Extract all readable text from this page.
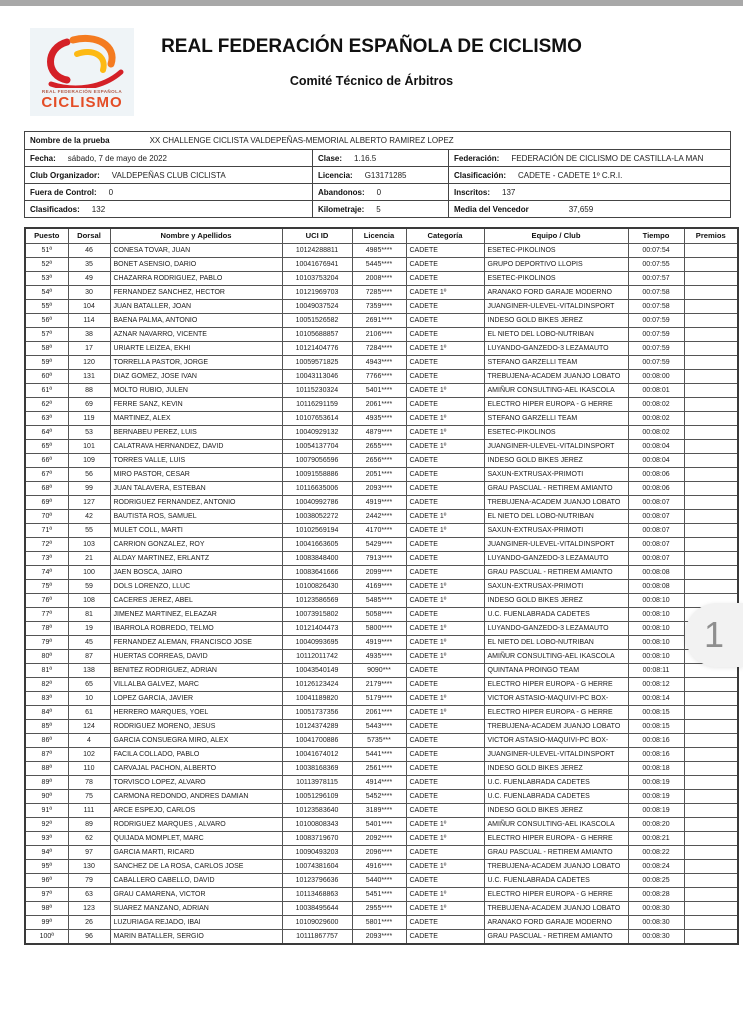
REAL FEDERACIÓN ESPAÑOLA
CICLISMO
REAL FEDERACIÓN ESPAÑOLA DE CICLISMO
Comité Técnico de Árbitros
Nombre de la prueba	XX CHALLENGE CICLISTA VALDEPEÑAS-MEMORIAL ALBERTO RAMIREZ LOPEZ
Fecha: sábado, 7 de mayo de 2022	Clase: 1.16.5	Federación: FEDERACIÓN DE CICLISMO DE CASTILLA-LA MAN
Club Organizador: VALDEPEÑAS CLUB CICLISTA	Licencia: G13171285	Clasificación: CADETE - CADETE 1º C.R.I.
Fuera de Control: 0	Abandonos: 0	Inscritos: 137
Clasificados: 132	Kilometraje: 5	Media del Vencedor	37,659
Puesto	Dorsal	Nombre y Apellidos	UCI ID	Licencia	Categoría	Equipo / Club	Tiempo	Premios
51ª	46	CONESA TOVAR, JUAN	10124288811	4985****	CADETE	ESETEC-PIKOLINOS	00:07:54	
52ª	35	BONET ASENSIO, DARIO	10041676941	5445****	CADETE	GRUPO DEPORTIVO LLOPIS	00:07:55	
53ª	49	CHAZARRA RODRIGUEZ, PABLO	10103753204	2008****	CADETE	ESETEC-PIKOLINOS	00:07:57	
54ª	30	FERNANDEZ SANCHEZ, HECTOR	10121969703	7285****	CADETE 1º	ARANAKO FORD GARAJE MODERNO	00:07:58	
55ª	104	JUAN BATALLER, JOAN	10049037524	7359****	CADETE	JUANGINER-ULEVEL-VITALDINSPORT	00:07:58	
56ª	114	BAENA PALMA, ANTONIO	10051526582	2691****	CADETE	INDESO GOLD BIKES JEREZ	00:07:59	
57ª	38	AZNAR NAVARRO, VICENTE	10105688857	2106****	CADETE	EL NIETO DEL LOBO-NUTRIBAN	00:07:59	
58ª	17	URIARTE LEIZEA, EKHI	10121404776	7284****	CADETE 1º	LUYANDO-GANZEDO-3 LEZAMAUTO	00:07:59	
59ª	120	TORRELLA PASTOR, JORGE	10059571825	4943****	CADETE	STEFANO GARZELLI TEAM	00:07:59	
60ª	131	DIAZ GOMEZ, JOSE IVAN	10043113046	7766****	CADETE	TREBUJENA-ACADEM JUANJO LOBATO	00:08:00	
61ª	88	MOLTO RUBIO, JULEN	10115230324	5401****	CADETE 1º	AMIÑUR CONSULTING-AEL IKASCOLA	00:08:01	
62ª	69	FERRE SANZ, KEVIN	10116291159	2061****	CADETE	ELECTRO HIPER EUROPA - G HERRE	00:08:02	
63ª	119	MARTINEZ, ALEX	10107653614	4935****	CADETE 1º	STEFANO GARZELLI TEAM	00:08:02	
64ª	53	BERNABEU PEREZ, LUIS	10040929132	4879****	CADETE 1º	ESETEC-PIKOLINOS	00:08:02	
65ª	101	CALATRAVA HERNANDEZ, DAVID	10054137704	2655****	CADETE 1º	JUANGINER-ULEVEL-VITALDINSPORT	00:08:04	
66ª	109	TORRES VALLE, LUIS	10079056596	2656****	CADETE	INDESO GOLD BIKES JEREZ	00:08:04	
67ª	56	MIRO PASTOR, CESAR	10091558886	2051****	CADETE	SAXUN-EXTRUSAX-PRIMOTI	00:08:06	
68ª	99	JUAN TALAVERA, ESTEBAN	10116635006	2093****	CADETE	GRAU PASCUAL - RETIREM AMIANTO	00:08:06	
69ª	127	RODRIGUEZ FERNANDEZ, ANTONIO	10040992786	4919****	CADETE	TREBUJENA-ACADEM JUANJO LOBATO	00:08:07	
70ª	42	BAUTISTA ROS, SAMUEL	10038052272	2442****	CADETE 1º	EL NIETO DEL LOBO-NUTRIBAN	00:08:07	
71ª	55	MULET COLL, MARTI	10102569194	4170****	CADETE 1º	SAXUN-EXTRUSAX-PRIMOTI	00:08:07	
72ª	103	CARRION GONZALEZ, ROY	10041663605	5429****	CADETE	JUANGINER-ULEVEL-VITALDINSPORT	00:08:07	
73ª	21	ALDAY MARTINEZ, ERLANTZ	10083848400	7913****	CADETE	LUYANDO-GANZEDO-3 LEZAMAUTO	00:08:07	
74ª	100	JAEN BOSCA, JAIRO	10083641666	2099****	CADETE	GRAU PASCUAL - RETIREM AMIANTO	00:08:08	
75ª	59	DOLS LORENZO, LLUC	10100826430	4169****	CADETE 1º	SAXUN-EXTRUSAX-PRIMOTI	00:08:08	
76ª	108	CACERES JEREZ, ABEL	10123586569	5485****	CADETE 1º	INDESO GOLD BIKES JEREZ	00:08:10	
77ª	81	JIMENEZ MARTINEZ, ELEAZAR	10073915802	5058****	CADETE	U.C. FUENLABRADA CADETES	00:08:10	
78ª	19	IBARROLA ROBREDO, TELMO	10121404473	5800****	CADETE 1º	LUYANDO-GANZEDO-3 LEZAMAUTO	00:08:10	
79ª	45	FERNANDEZ ALEMAN, FRANCISCO JOSE	10040993695	4919****	CADETE 1º	EL NIETO DEL LOBO-NUTRIBAN	00:08:10	
80ª	87	HUERTAS CORREAS, DAVID	10112011742	4935****	CADETE 1º	AMIÑUR CONSULTING-AEL IKASCOLA	00:08:10	
81ª	138	BENITEZ RODRIGUEZ, ADRIAN	10043540149	9090***	CADETE	QUINTANA PROINGO TEAM	00:08:11	
82ª	65	VILLALBA GALVEZ, MARC	10126123424	2179****	CADETE	ELECTRO HIPER EUROPA - G HERRE	00:08:12	
83ª	10	LOPEZ GARCIA, JAVIER	10041189820	5179****	CADETE 1º	VICTOR ASTASIO-MAQUIVI-PC BOX-	00:08:14	
84ª	61	HERRERO MARQUES, YOEL	10051737356	2061****	CADETE 1º	ELECTRO HIPER EUROPA - G HERRE	00:08:15	
85ª	124	RODRIGUEZ MORENO, JESUS	10124374289	5443****	CADETE	TREBUJENA-ACADEM JUANJO LOBATO	00:08:15	
86ª	4	GARCIA CONSUEGRA MIRO, ALEX	10041700886	5735***	CADETE	VICTOR ASTASIO-MAQUIVI-PC BOX-	00:08:16	
87ª	102	FACILA COLLADO, PABLO	10041674012	5441****	CADETE	JUANGINER-ULEVEL-VITALDINSPORT	00:08:16	
88ª	110	CARVAJAL PACHON, ALBERTO	10038168369	2561****	CADETE	INDESO GOLD BIKES JEREZ	00:08:18	
89ª	78	TORVISCO LOPEZ, ALVARO	10113978115	4914****	CADETE	U.C. FUENLABRADA CADETES	00:08:19	
90ª	75	CARMONA REDONDO, ANDRES DAMIAN	10051296109	5452****	CADETE	U.C. FUENLABRADA CADETES	00:08:19	
91ª	111	ARCE ESPEJO, CARLOS	10123583640	3189****	CADETE	INDESO GOLD BIKES JEREZ	00:08:19	
92ª	89	RODRIGUEZ MARQUES , ALVARO	10100808343	5401****	CADETE 1º	AMIÑUR CONSULTING-AEL IKASCOLA	00:08:20	
93ª	62	QUIJADA MOMPLET, MARC	10083719670	2092****	CADETE 1º	ELECTRO HIPER EUROPA - G HERRE	00:08:21	
94ª	97	GARCIA MARTI, RICARD	10090493203	2096****	CADETE	GRAU PASCUAL - RETIREM AMIANTO	00:08:22	
95ª	130	SANCHEZ DE LA ROSA, CARLOS JOSE	10074381604	4916****	CADETE 1º	TREBUJENA-ACADEM JUANJO LOBATO	00:08:24	
96ª	79	CABALLERO CABELLO, DAVID	10123796636	5440****	CADETE	U.C. FUENLABRADA CADETES	00:08:25	
97ª	63	GRAU CAMARENA, VICTOR	10113468863	5451****	CADETE 1º	ELECTRO HIPER EUROPA - G HERRE	00:08:28	
98ª	123	SUAREZ MANZANO, ADRIAN	10038495644	2955****	CADETE 1º	TREBUJENA-ACADEM JUANJO LOBATO	00:08:30	
99ª	26	LUZURIAGA REJADO, IBAI	10109029600	5801****	CADETE	ARANAKO FORD GARAJE MODERNO	00:08:30	
100ª	96	MARIN BATALLER, SERGIO	10111867757	2093****	CADETE	GRAU PASCUAL - RETIREM AMIANTO	00:08:30	
1
